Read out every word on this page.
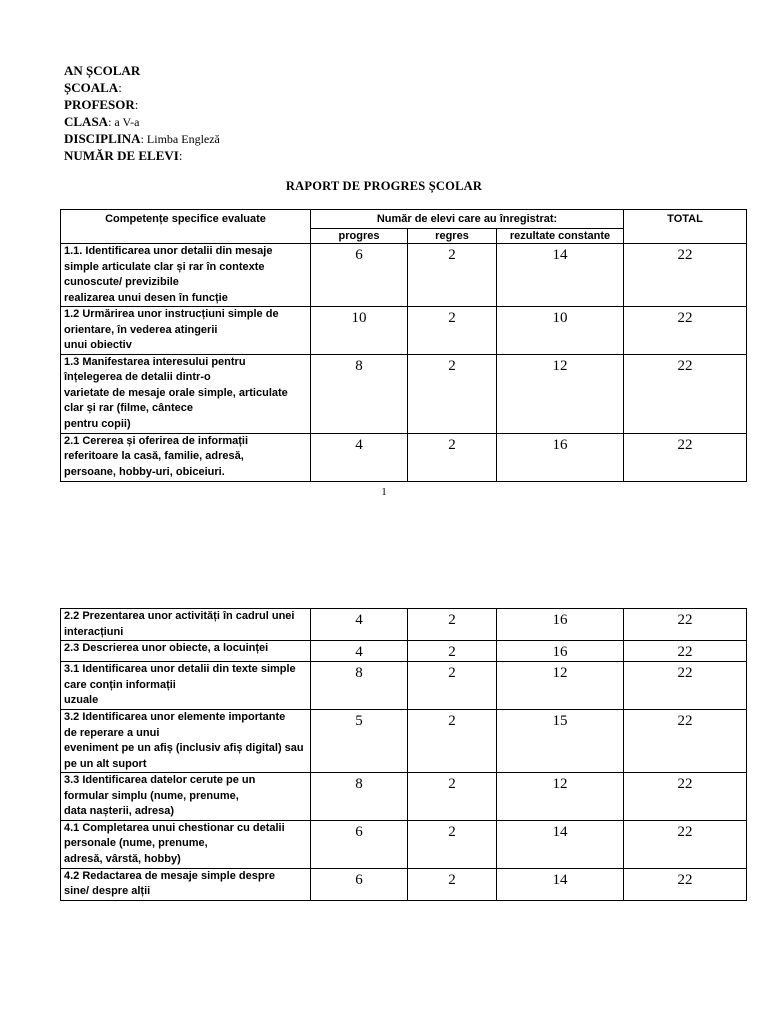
AN ȘCOLAR
ȘCOALA:
PROFESOR:
CLASA: a V-a
DISCIPLINA: Limba Engleză
NUMĂR DE ELEVI:
RAPORT DE PROGRES ȘCOLAR
Competențe specifice evaluate	Număr de elevi care au înregistrat:			TOTAL
	progres	regres	rezultate constante	
1.1. Identificarea unor detalii din mesaje
simple articulate clar și rar în contexte
cunoscute/ previzibile
realizarea unui desen în funcție	6	2	14	22
1.2 Urmărirea unor instrucțiuni simple de
orientare, în vederea atingerii
unui obiectiv	10	2	10	22
1.3 Manifestarea interesului pentru
înțelegerea de detalii dintr-o
varietate de mesaje orale simple, articulate
clar și rar (filme, cântece
pentru copii)	8	2	12	22
2.1 Cererea și oferirea de informații
referitoare la casă, familie, adresă,
persoane, hobby-uri, obiceiuri.	4	2	16	22
1
2.2 Prezentarea unor activități în cadrul unei
interacțiuni	4	2	16	22
2.3 Descrierea unor obiecte, a locuinței	4	2	16	22
3.1 Identificarea unor detalii din texte simple
care conțin informații
uzuale	8	2	12	22
3.2 Identificarea unor elemente importante
de reperare a unui
eveniment pe un afiș (inclusiv afiș digital) sau
pe un alt suport	5	2	15	22
3.3 Identificarea datelor cerute pe un
formular simplu (nume, prenume,
data nașterii, adresa)	8	2	12	22
4.1 Completarea unui chestionar cu detalii
personale (nume, prenume,
adresă, vârstă, hobby)	6	2	14	22
4.2 Redactarea de mesaje simple despre
sine/ despre alții	6	2	14	22
